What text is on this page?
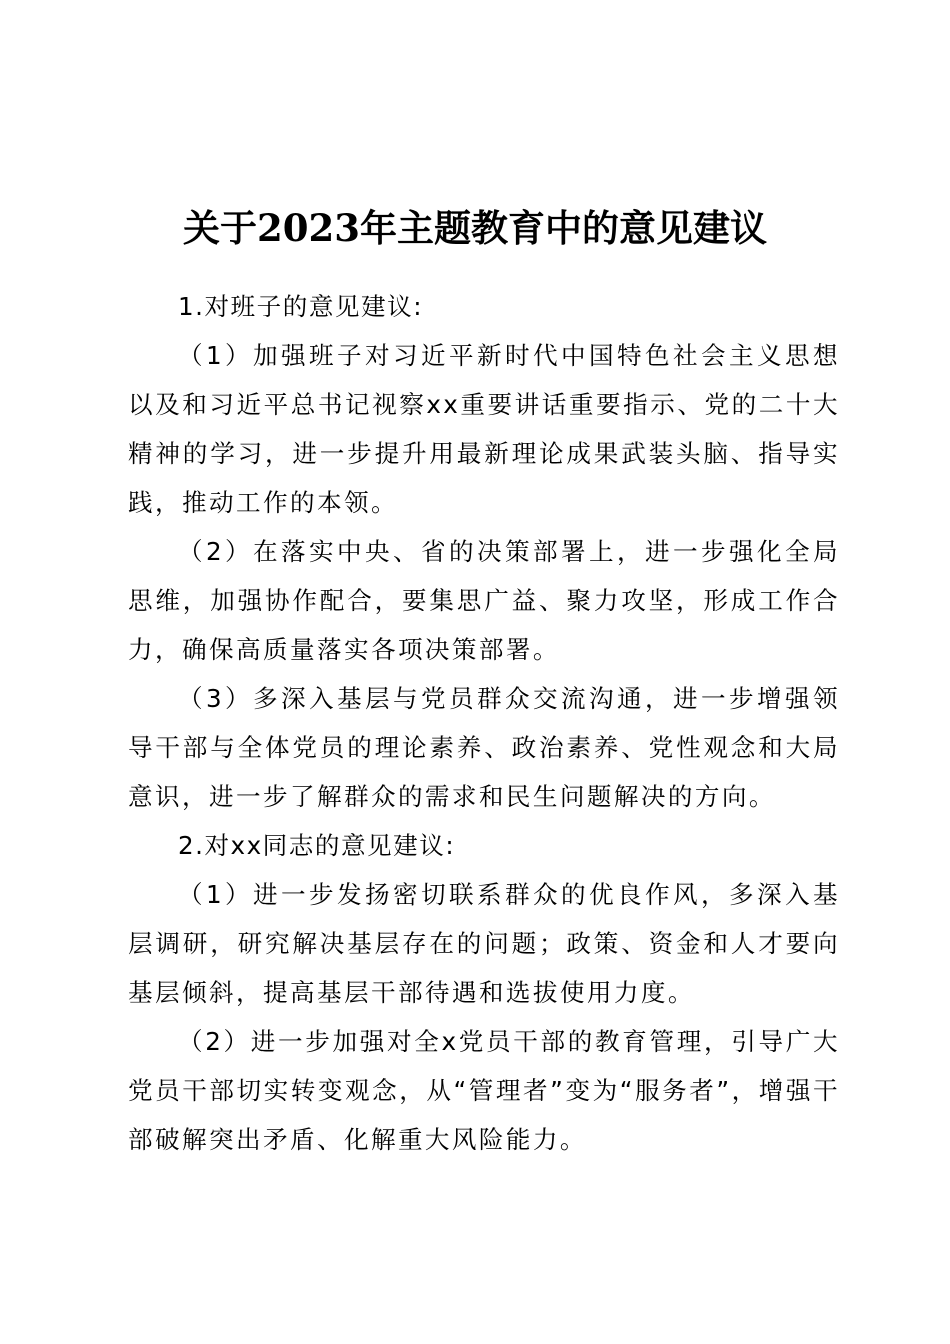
关于2023年主题教育中的意见建议

1.对班子的意见建议:

（1）加强班子对习近平新时代中国特色社会主义思想以及和习近平总书记视察xx重要讲话重要指示、党的二十大精神的学习，进一步提升用最新理论成果武装头脑、指导实践，推动工作的本领。

（2）在落实中央、省的决策部署上，进一步强化全局思维，加强协作配合，要集思广益、聚力攻坚，形成工作合力，确保高质量落实各项决策部署。

（3）多深入基层与党员群众交流沟通，进一步增强领导干部与全体党员的理论素养、政治素养、党性观念和大局意识，进一步了解群众的需求和民生问题解决的方向。

2.对xx同志的意见建议:

（1）进一步发扬密切联系群众的优良作风，多深入基层调研，研究解决基层存在的问题；政策、资金和人才要向基层倾斜，提高基层干部待遇和选拔使用力度。

（2）进一步加强对全x党员干部的教育管理，引导广大党员干部切实转变观念，从“管理者”变为“服务者”，增强干部破解突出矛盾、化解重大风险能力。
